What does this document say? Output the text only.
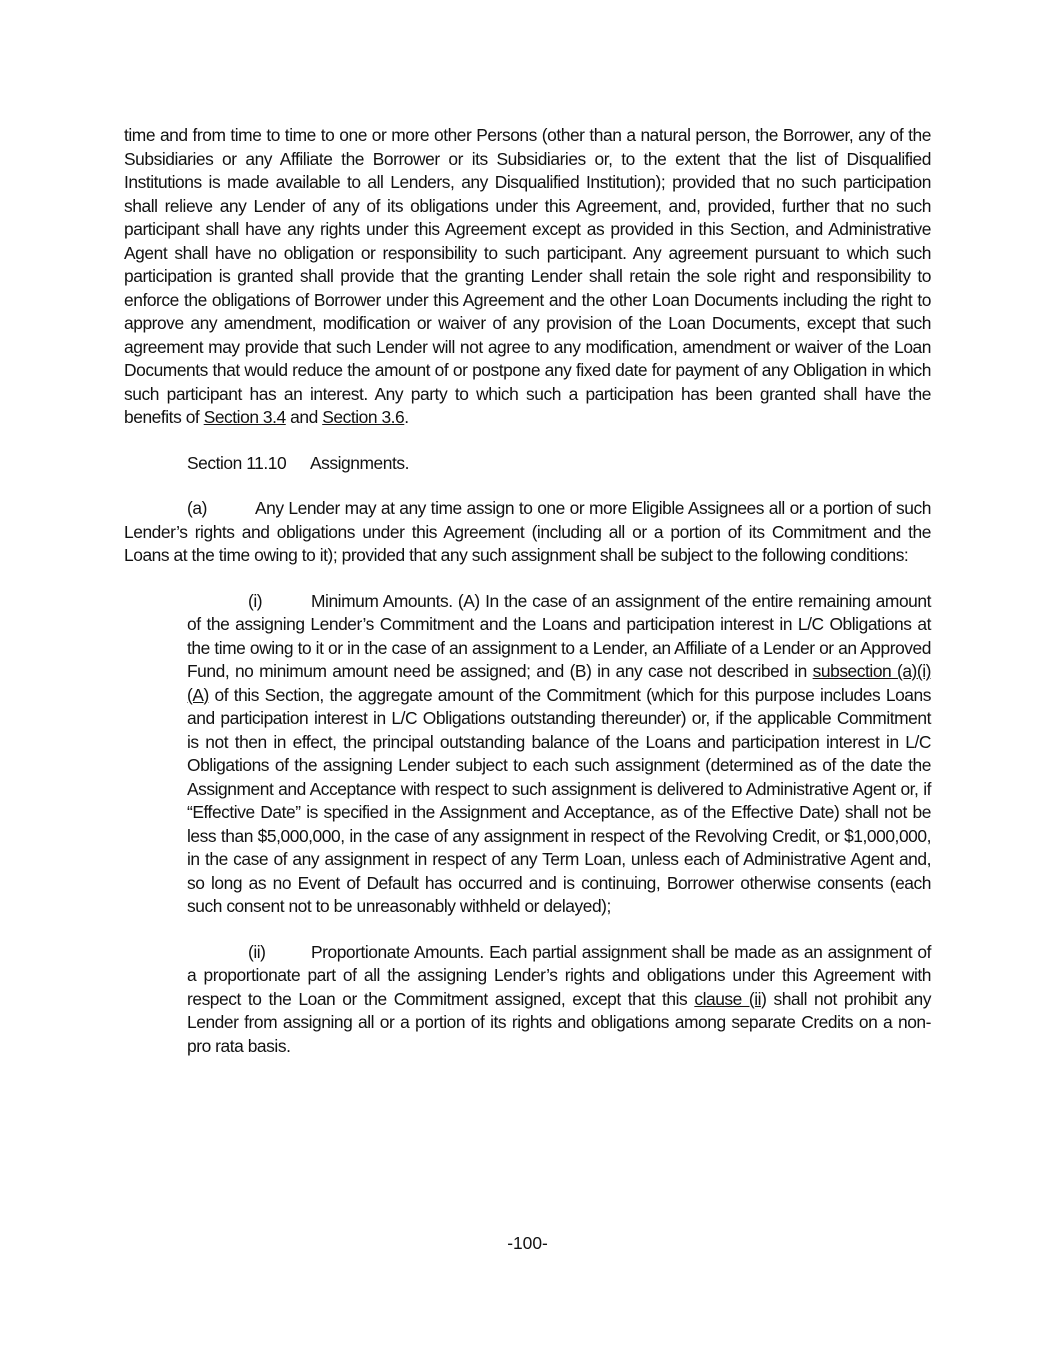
time and from time to time to one or more other Persons (other than a natural person, the Borrower, any of the Subsidiaries or any Affiliate the Borrower or its Subsidiaries or, to the extent that the list of Disqualified Institutions is made available to all Lenders, any Disqualified Institution); provided that no such participation shall relieve any Lender of any of its obligations under this Agreement, and, provided, further that no such participant shall have any rights under this Agreement except as provided in this Section, and Administrative Agent shall have no obligation or responsibility to such participant. Any agreement pursuant to which such participation is granted shall provide that the granting Lender shall retain the sole right and responsibility to enforce the obligations of Borrower under this Agreement and the other Loan Documents including the right to approve any amendment, modification or waiver of any provision of the Loan Documents, except that such agreement may provide that such Lender will not agree to any modification, amendment or waiver of the Loan Documents that would reduce the amount of or postpone any fixed date for payment of any Obligation in which such participant has an interest. Any party to which such a participation has been granted shall have the benefits of Section 3.4 and Section 3.6.

Section 11.10 Assignments.

(a)	Any Lender may at any time assign to one or more Eligible Assignees all or a portion of such Lender’s rights and obligations under this Agreement (including all or a portion of its Commitment and the Loans at the time owing to it); provided that any such assignment shall be subject to the following conditions:

(i)	Minimum Amounts. (A) In the case of an assignment of the entire remaining amount of the assigning Lender’s Commitment and the Loans and participation interest in L/C Obligations at the time owing to it or in the case of an assignment to a Lender, an Affiliate of a Lender or an Approved Fund, no minimum amount need be assigned; and (B) in any case not described in subsection (a)(i)(A) of this Section, the aggregate amount of the Commitment (which for this purpose includes Loans and participation interest in L/C Obligations outstanding thereunder) or, if the applicable Commitment is not then in effect, the principal outstanding balance of the Loans and participation interest in L/C Obligations of the assigning Lender subject to each such assignment (determined as of the date the Assignment and Acceptance with respect to such assignment is delivered to Administrative Agent or, if “Effective Date” is specified in the Assignment and Acceptance, as of the Effective Date) shall not be less than $5,000,000, in the case of any assignment in respect of the Revolving Credit, or $1,000,000, in the case of any assignment in respect of any Term Loan, unless each of Administrative Agent and, so long as no Event of Default has occurred and is continuing, Borrower otherwise consents (each such consent not to be unreasonably withheld or delayed);

(ii)	Proportionate Amounts. Each partial assignment shall be made as an assignment of a proportionate part of all the assigning Lender’s rights and obligations under this Agreement with respect to the Loan or the Commitment assigned, except that this clause (ii) shall not prohibit any Lender from assigning all or a portion of its rights and obligations among separate Credits on a non-pro rata basis.

-100-
